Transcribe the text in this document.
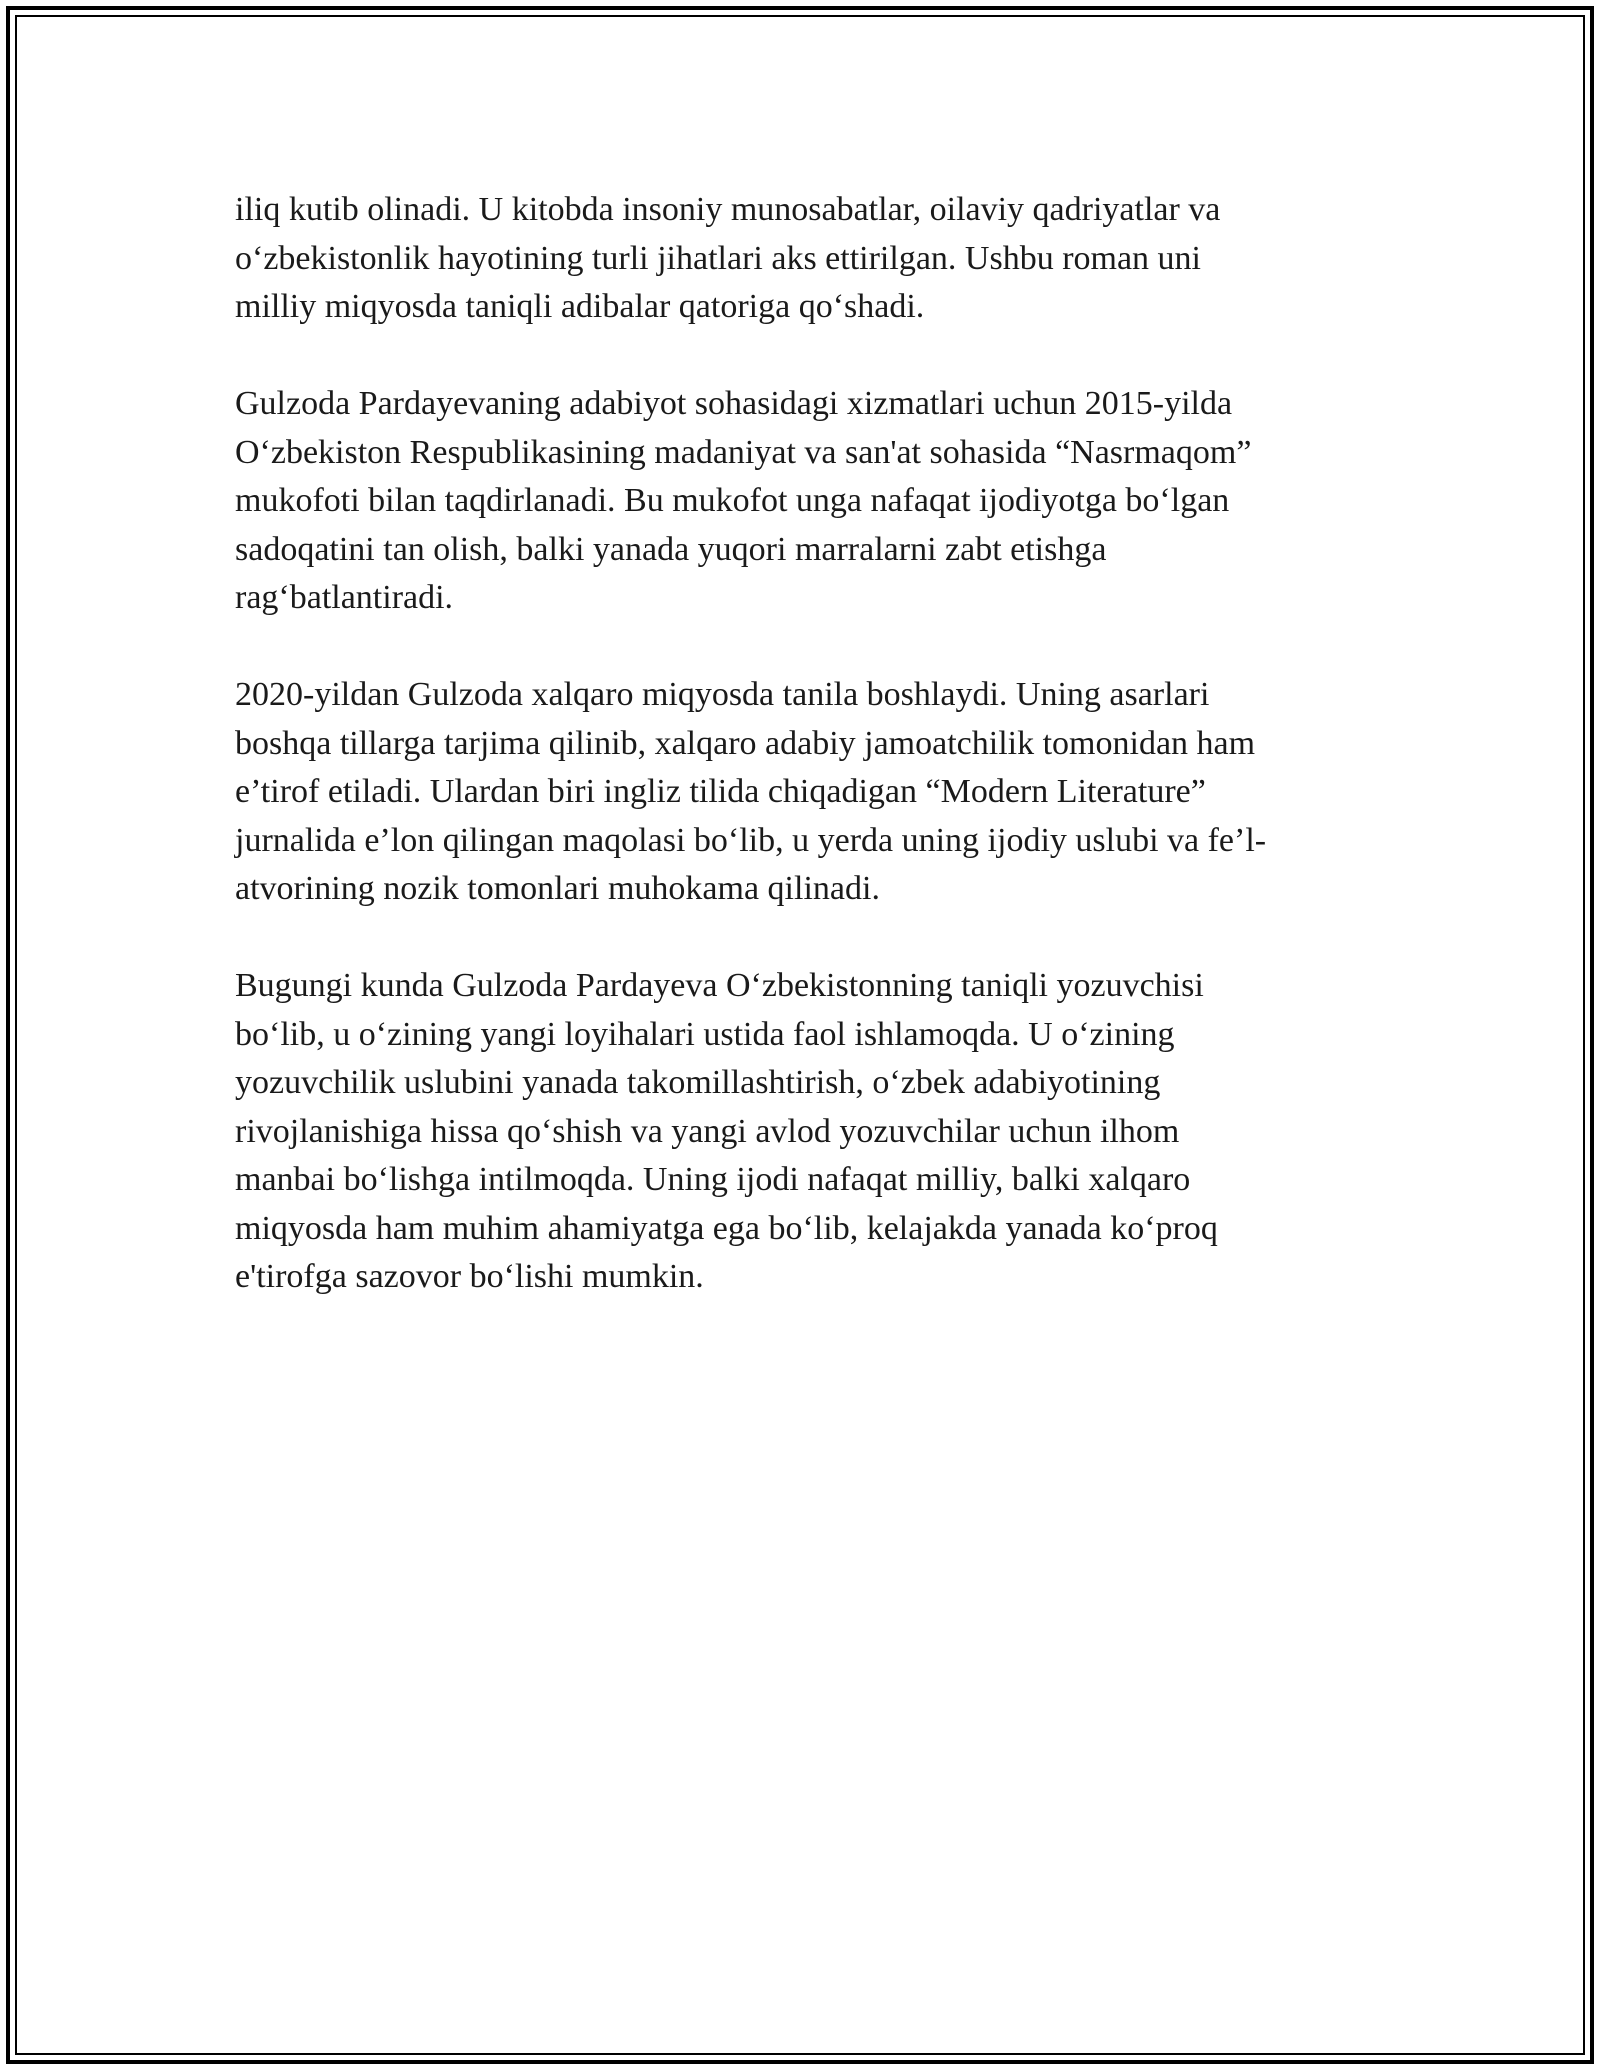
iliq kutib olinadi. U kitobda insoniy munosabatlar, oilaviy qadriyatlar va
o‘zbekistonlik hayotining turli jihatlari aks ettirilgan. Ushbu roman uni
milliy miqyosda taniqli adibalar qatoriga qo‘shadi.

Gulzoda Pardayevaning adabiyot sohasidagi xizmatlari uchun 2015-yilda
O‘zbekiston Respublikasining madaniyat va san'at sohasida “Nasrmaqom”
mukofoti bilan taqdirlanadi. Bu mukofot unga nafaqat ijodiyotga bo‘lgan
sadoqatini tan olish, balki yanada yuqori marralarni zabt etishga
rag‘batlantiradi.

2020-yildan Gulzoda xalqaro miqyosda tanila boshlaydi. Uning asarlari
boshqa tillarga tarjima qilinib, xalqaro adabiy jamoatchilik tomonidan ham
e’tirof etiladi. Ulardan biri ingliz tilida chiqadigan “Modern Literature”
jurnalida e’lon qilingan maqolasi bo‘lib, u yerda uning ijodiy uslubi va fe’l-
atvorining nozik tomonlari muhokama qilinadi.

Bugungi kunda Gulzoda Pardayeva O‘zbekistonning taniqli yozuvchisi
bo‘lib, u o‘zining yangi loyihalari ustida faol ishlamoqda. U o‘zining
yozuvchilik uslubini yanada takomillashtirish, o‘zbek adabiyotining
rivojlanishiga hissa qo‘shish va yangi avlod yozuvchilar uchun ilhom
manbai bo‘lishga intilmoqda. Uning ijodi nafaqat milliy, balki xalqaro
miqyosda ham muhim ahamiyatga ega bo‘lib, kelajakda yanada ko‘proq
e'tirofga sazovor bo‘lishi mumkin.
